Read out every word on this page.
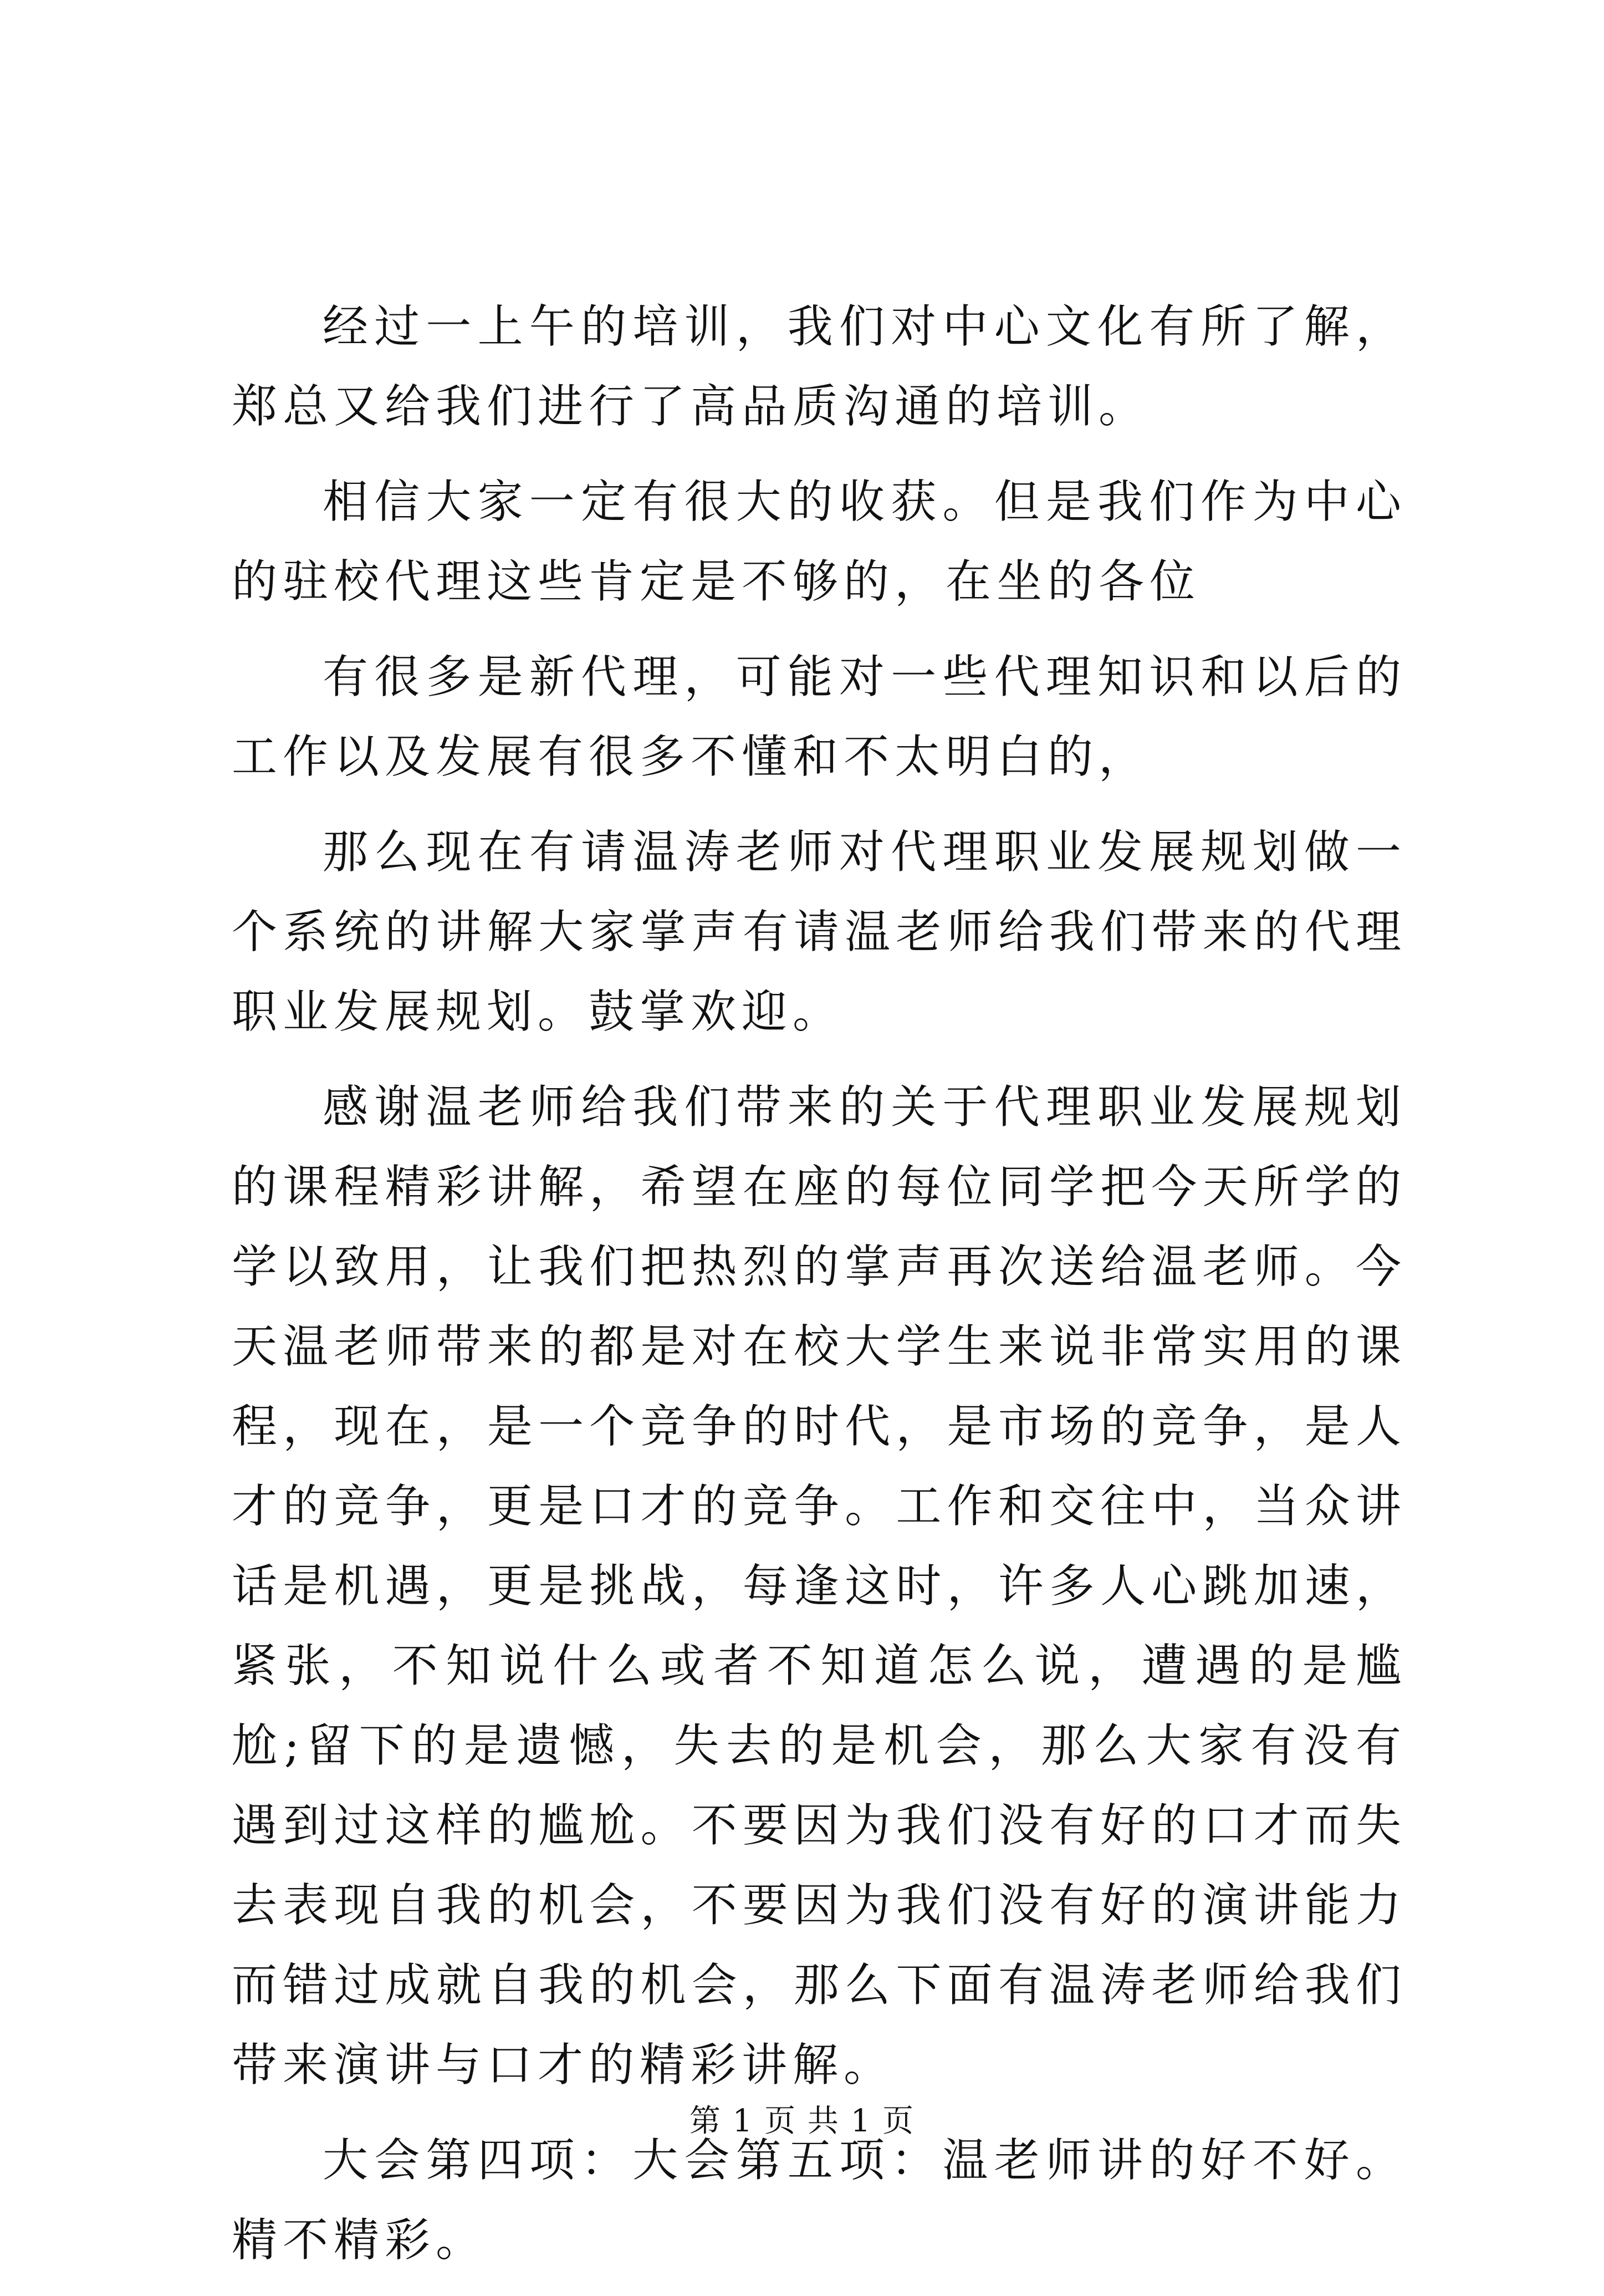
经过一上午的培训，我们对中心文化有所了解，郑总又给我们进行了高品质沟通的培训。

相信大家一定有很大的收获。但是我们作为中心的驻校代理这些肯定是不够的，在坐的各位

有很多是新代理，可能对一些代理知识和以后的工作以及发展有很多不懂和不太明白的，

那么现在有请温涛老师对代理职业发展规划做一个系统的讲解大家掌声有请温老师给我们带来的代理职业发展规划。鼓掌欢迎。

感谢温老师给我们带来的关于代理职业发展规划的课程精彩讲解，希望在座的每位同学把今天所学的学以致用，让我们把热烈的掌声再次送给温老师。今天温老师带来的都是对在校大学生来说非常实用的课程，现在，是一个竞争的时代，是市场的竞争，是人才的竞争，更是口才的竞争。工作和交往中，当众讲话是机遇，更是挑战，每逢这时，许多人心跳加速，紧张，不知说什么或者不知道怎么说，遭遇的是尴尬;留下的是遗憾，失去的是机会，那么大家有没有遇到过这样的尴尬。不要因为我们没有好的口才而失去表现自我的机会，不要因为我们没有好的演讲能力而错过成就自我的机会，那么下面有温涛老师给我们带来演讲与口才的精彩讲解。

大会第四项：大会第五项：温老师讲的好不好。精不精彩。

第 1 页 共 1 页
